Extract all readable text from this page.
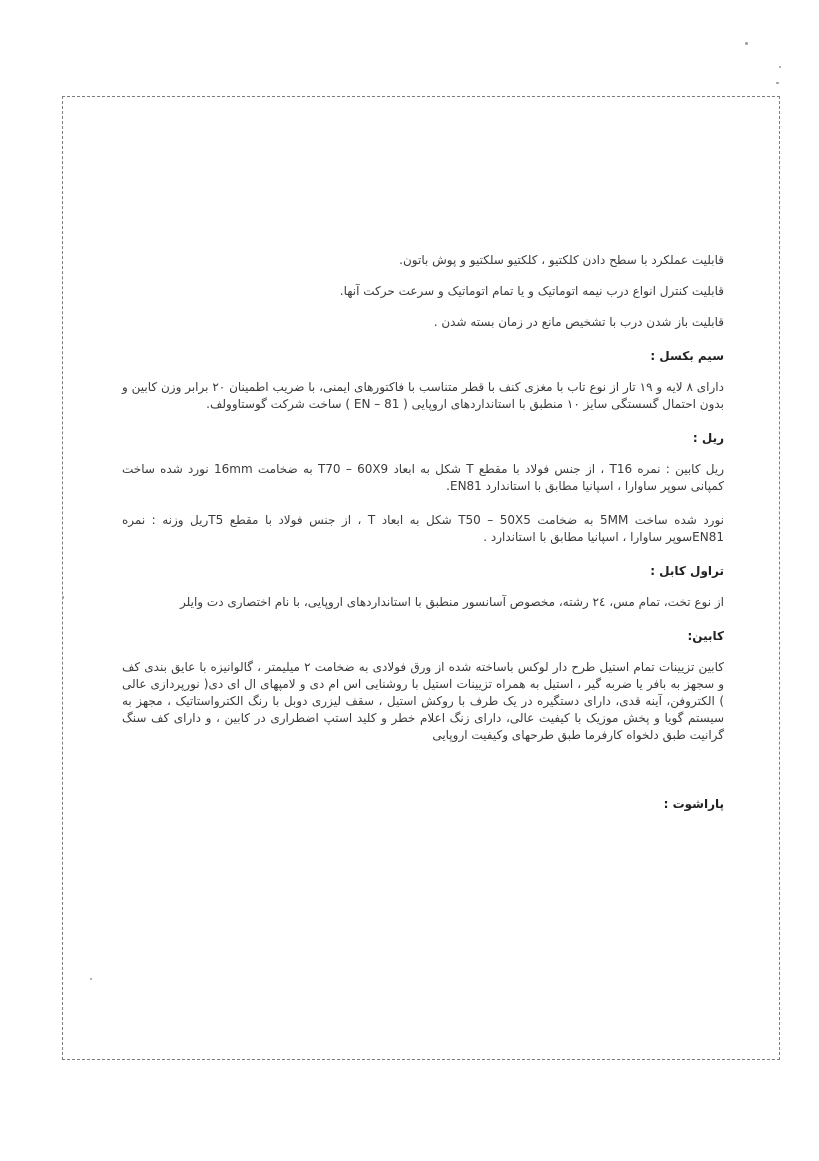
قابلیت عملکرد با سطح دادن کلکتیو ، کلکتیو سلکتیو و پوش باتون.

قابلیت کنترل انواع درب نیمه اتوماتیک و یا تمام اتوماتیک و سرعت حرکت آنها.

قابلیت باز شدن درب با تشخیص مانع در زمان بسته شدن .

سیم بکسل :

دارای ۸ لایه و ۱۹ تار از نوع تاب با مغزی کنف با قطر متناسب با فاکتورهای ایمنی، با ضریب اطمینان ۲۰ برابر وزن کابین و بدون احتمال گسستگی سایز ۱۰ منطبق با استانداردهای اروپایی ( EN – 81 ) ساخت شرکت گوستاوولف.

ریل :

ریل کابین : نمره T16 ، از جنس فولاد با مقطع T شکل به ابعاد T70 – 60X9 به ضخامت 16mm نورد شده ساخت کمپانی سوپر ساوارا ، اسپانیا مطابق با استاندارد EN81.

نورد شده ساخت 5MM به ضخامت T50 – 50X5 شکل به ابعاد T ، از جنس فولاد با مقطع T5ریل وزنه : نمره EN81سوپر ساوارا ، اسپانیا مطابق با استاندارد .

تراول کابل :

از نوع تخت، تمام مس، ۲٤ رشته، مخصوص آسانسور منطبق با استانداردهای اروپایی، با نام اختصاری دت وایلر

کابین:

کابین تزیینات تمام استیل طرح دار لوکس باساخته شده از ورق فولادی به ضخامت ۲ میلیمتر ، گالوانیزه با عایق بندی کف و سجهز به بافر یا ضربه گیر ، استیل به همراه تزیینات استیل با روشنایی اس ام دی و لامپهای ال ای دی( نورپردازی عالی ) الکتروفن، آینه قدی، دارای دستگیره در یک طرف با روکش استیل ، سقف لیزری دوبل با رنگ الکترواستاتیک ، مجهز به سیستم گویا و پخش موزیک با کیفیت عالی، دارای زنگ اعلام خطر و کلید استپ اضطراری در کابین ، و دارای کف سنگ گرانیت طبق دلخواه کارفرما طبق طرحهای وکیفیت اروپایی

پاراشوت :
